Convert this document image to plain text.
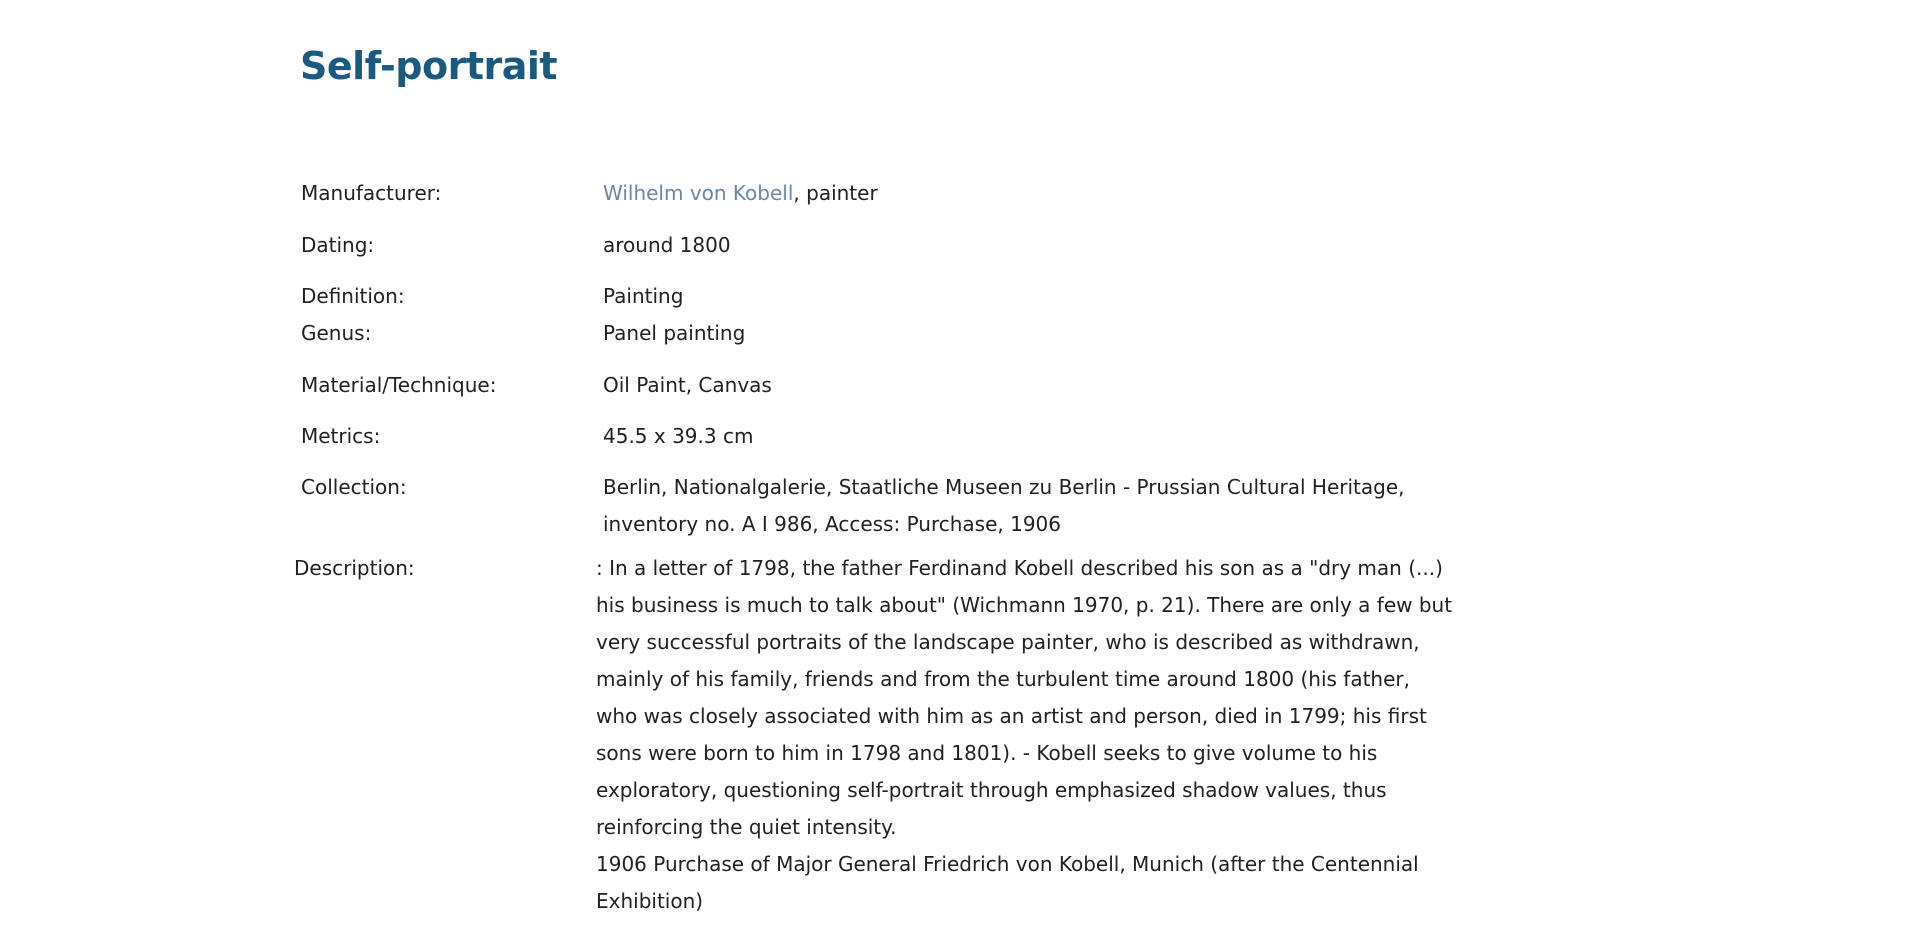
Self-portrait
Manufacturer:	Wilhelm von Kobell, painter
Dating:	around 1800
Definition:	Painting
Genus:	Panel painting
Material/Technique:	Oil Paint, Canvas
Metrics:	45.5 x 39.3 cm
Collection:	Berlin, Nationalgalerie, Staatliche Museen zu Berlin - Prussian Cultural Heritage,
inventory no. A I 986, Access: Purchase, 1906
Description:	: In a letter of 1798, the father Ferdinand Kobell described his son as a "dry man (...) his business is much to talk about" (Wichmann 1970, p. 21). There are only a few but very successful portraits of the landscape painter, who is described as withdrawn, mainly of his family, friends and from the turbulent time around 1800 (his father, who was closely associated with him as an artist and person, died in 1799; his first sons were born to him in 1798 and 1801). - Kobell seeks to give volume to his exploratory, questioning self-portrait through emphasized shadow values, thus reinforcing the quiet intensity.

1906 Purchase of Major General Friedrich von Kobell, Munich (after the Centennial Exhibition)
